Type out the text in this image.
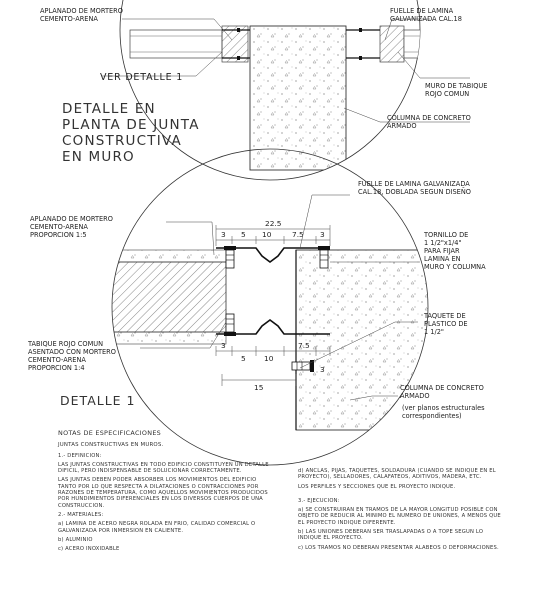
APLANADO DE MORTERO
CEMENTO-ARENA
FUELLE DE LAMINA
GALVANIZADA CAL.18
VER DETALLE 1
MURO DE TABIQUE
ROJO COMUN
COLUMNA DE CONCRETO
ARMADO
DETALLE EN
PLANTA DE JUNTA
CONSTRUCTIVA
EN MURO
22.5
3 5 10	7.5 3
3
5 10
7.5
3
15
FUELLE DE LAMINA GALVANIZADA
CAL.18, DOBLADA SEGUN DISEÑO
APLANADO DE MORTERO
CEMENTO-ARENA
PROPORCION 1:5	TORNILLO DE
1 1/2"x1/4"
PARA FIJAR
LAMINA EN
MURO Y COLUMNA
TAQUETE DE
PLASTICO DE
1 1/2"
TABIQUE ROJO COMUN
ASENTADO CON MORTERO
CEMENTO-ARENA
PROPORCION 1:4
COLUMNA DE CONCRETO
ARMADO
(ver planos estructurales
correspondientes)
DETALLE 1

NOTAS DE ESPECIFICACIONES

JUNTAS CONSTRUCTIVAS EN MUROS.

1.- DEFINICION:

LAS JUNTAS CONSTRUCTIVAS EN TODO EDIFICIO CONSTITUYEN UN DETALLE DIFICIL, PERO INDISPENSABLE DE SOLUCIONAR CORRECTAMENTE.

LAS JUNTAS DEBEN PODER ABSORBER LOS MOVIMIENTOS DEL EDIFICIO TANTO POR LO QUE RESPECTA A DILATACIONES O CONTRACCIONES POR RAZONES DE TEMPERATURA, COMO AQUELLOS MOVIMIENTOS PRODUCIDOS POR HUNDIMIENTOS DIFERENCIALES EN LOS DIVERSOS CUERPOS DE UNA CONSTRUCCION.

2.- MATERIALES:

a) LAMINA DE ACERO NEGRA ROLADA EN FRIO, CALIDAD COMERCIAL O GALVANIZADA POR INMERSION EN CALIENTE.

b) ALUMINIO

c) ACERO INOXIDABLE

d) ANCLAS, PIJAS, TAQUETES, SOLDADURA (CUANDO SE INDIQUE EN EL PROYECTO), SELLADORES, CALAFATEOS, ADITIVOS, MADERA, ETC.

LOS PERFILES Y SECCIONES QUE EL PROYECTO INDIQUE.

3.- EJECUCION:

a) SE CONSTRUIRAN EN TRAMOS DE LA MAYOR LONGITUD POSIBLE CON OBJETO DE REDUCIR AL MINIMO EL NUMERO DE UNIONES, A MENOS QUE EL PROYECTO INDIQUE DIFERENTE.

b) LAS UNIONES DEBERAN SER TRASLAPADAS O A TOPE SEGUN LO INDIQUE EL PROYECTO.

c) LOS TRAMOS NO DEBERAN PRESENTAR ALABEOS O DEFORMACIONES.
